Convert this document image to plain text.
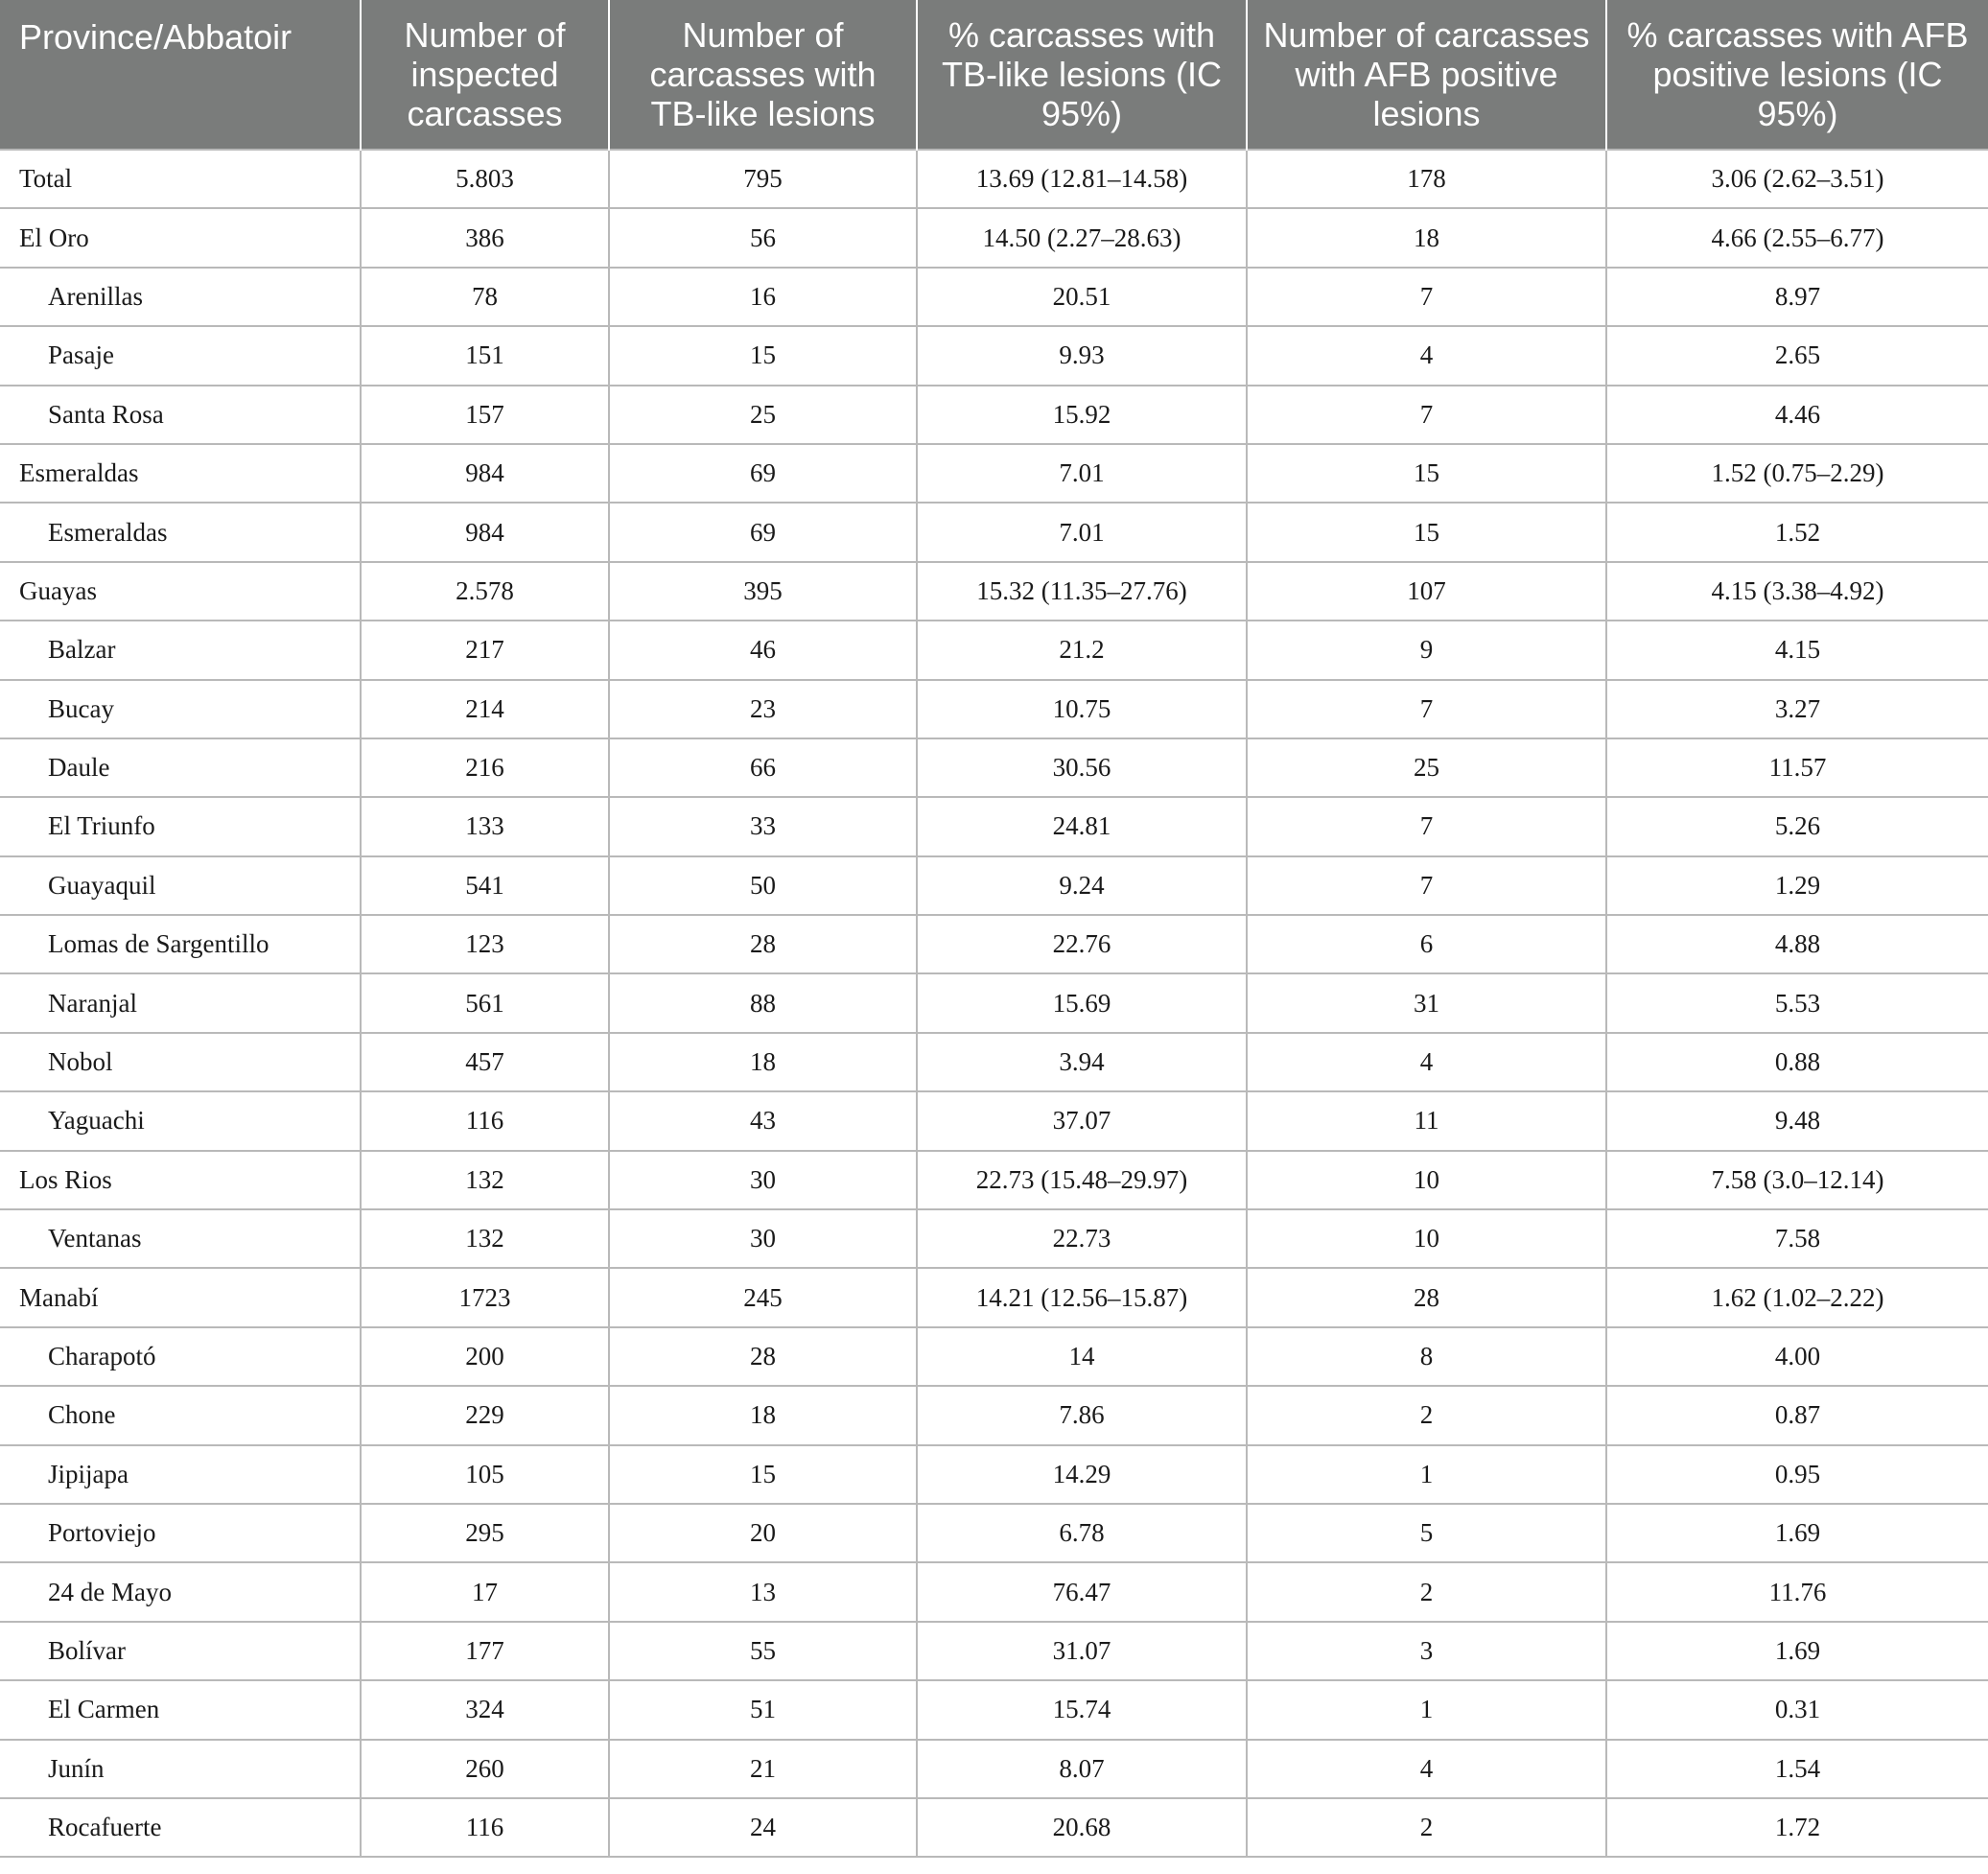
Province/Abbatoir	Number of inspected carcasses	Number of carcasses with TB-like lesions	% carcasses with TB-like lesions (IC 95%)	Number of carcasses with AFB positive lesions	% carcasses with AFB positive lesions (IC 95%)
Total	5.803	795	13.69 (12.81–14.58)	178	3.06 (2.62–3.51)
El Oro	386	56	14.50 (2.27–28.63)	18	4.66 (2.55–6.77)
Arenillas	78	16	20.51	7	8.97
Pasaje	151	15	9.93	4	2.65
Santa Rosa	157	25	15.92	7	4.46
Esmeraldas	984	69	7.01	15	1.52 (0.75–2.29)
Esmeraldas	984	69	7.01	15	1.52
Guayas	2.578	395	15.32 (11.35–27.76)	107	4.15 (3.38–4.92)
Balzar	217	46	21.2	9	4.15
Bucay	214	23	10.75	7	3.27
Daule	216	66	30.56	25	11.57
El Triunfo	133	33	24.81	7	5.26
Guayaquil	541	50	9.24	7	1.29
Lomas de Sargentillo	123	28	22.76	6	4.88
Naranjal	561	88	15.69	31	5.53
Nobol	457	18	3.94	4	0.88
Yaguachi	116	43	37.07	11	9.48
Los Rios	132	30	22.73 (15.48–29.97)	10	7.58 (3.0–12.14)
Ventanas	132	30	22.73	10	7.58
Manabí	1723	245	14.21 (12.56–15.87)	28	1.62 (1.02–2.22)
Charapotó	200	28	14	8	4.00
Chone	229	18	7.86	2	0.87
Jipijapa	105	15	14.29	1	0.95
Portoviejo	295	20	6.78	5	1.69
24 de Mayo	17	13	76.47	2	11.76
Bolívar	177	55	31.07	3	1.69
El Carmen	324	51	15.74	1	0.31
Junín	260	21	8.07	4	1.54
Rocafuerte	116	24	20.68	2	1.72
